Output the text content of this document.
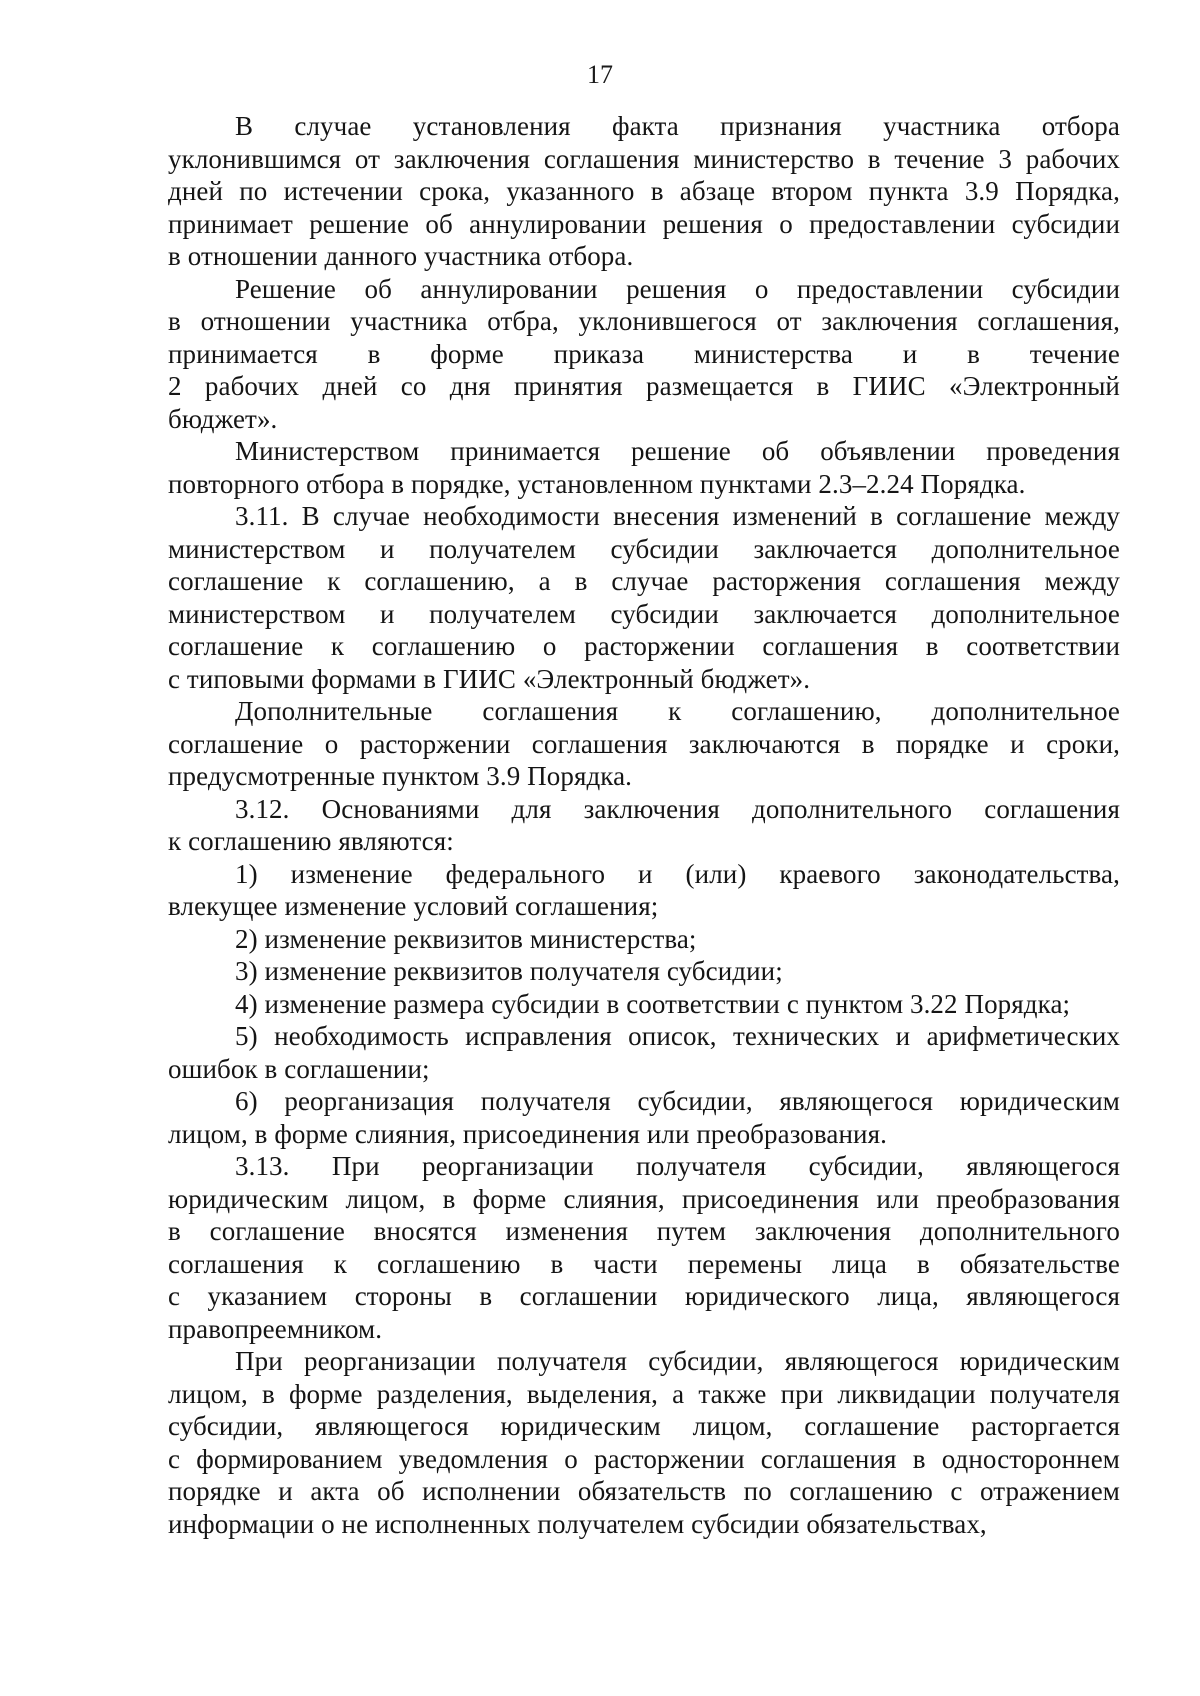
17

В случае установления факта признания участника отбора
уклонившимся от заключения соглашения министерство в течение 3 рабочих
дней по истечении срока, указанного в абзаце втором пункта 3.9 Порядка,
принимает решение об аннулировании решения о предоставлении субсидии
в отношении данного участника отбора.

Решение об аннулировании решения о предоставлении субсидии
в отношении участника отбра, уклонившегося от заключения соглашения,
принимается в форме приказа министерства и в течение
2 рабочих дней со дня принятия размещается в ГИИС «Электронный
бюджет».

Министерством принимается решение об объявлении проведения
повторного отбора в порядке, установленном пунктами 2.3–2.24 Порядка.

3.11. В случае необходимости внесения изменений в соглашение между
министерством и получателем субсидии заключается дополнительное
соглашение к соглашению, а в случае расторжения соглашения между
министерством и получателем субсидии заключается дополнительное
соглашение к соглашению о расторжении соглашения в соответствии
с типовыми формами в ГИИС «Электронный бюджет».

Дополнительные соглашения к соглашению, дополнительное
соглашение о расторжении соглашения заключаются в порядке и сроки,
предусмотренные пунктом 3.9 Порядка.

3.12. Основаниями для заключения дополнительного соглашения
к соглашению являются:

1) изменение федерального и (или) краевого законодательства,
влекущее изменение условий соглашения;

2) изменение реквизитов министерства;

3) изменение реквизитов получателя субсидии;

4) изменение размера субсидии в соответствии с пунктом 3.22 Порядка;

5) необходимость исправления описок, технических и арифметических
ошибок в соглашении;

6) реорганизация получателя субсидии, являющегося юридическим
лицом, в форме слияния, присоединения или преобразования.

3.13. При реорганизации получателя субсидии, являющегося
юридическим лицом, в форме слияния, присоединения или преобразования
в соглашение вносятся изменения путем заключения дополнительного
соглашения к соглашению в части перемены лица в обязательстве
с указанием стороны в соглашении юридического лица, являющегося
правопреемником.

При реорганизации получателя субсидии, являющегося юридическим
лицом, в форме разделения, выделения, а также при ликвидации получателя
субсидии, являющегося юридическим лицом, соглашение расторгается
с формированием уведомления о расторжении соглашения в одностороннем
порядке и акта об исполнении обязательств по соглашению с отражением
информации о не исполненных получателем субсидии обязательствах,
